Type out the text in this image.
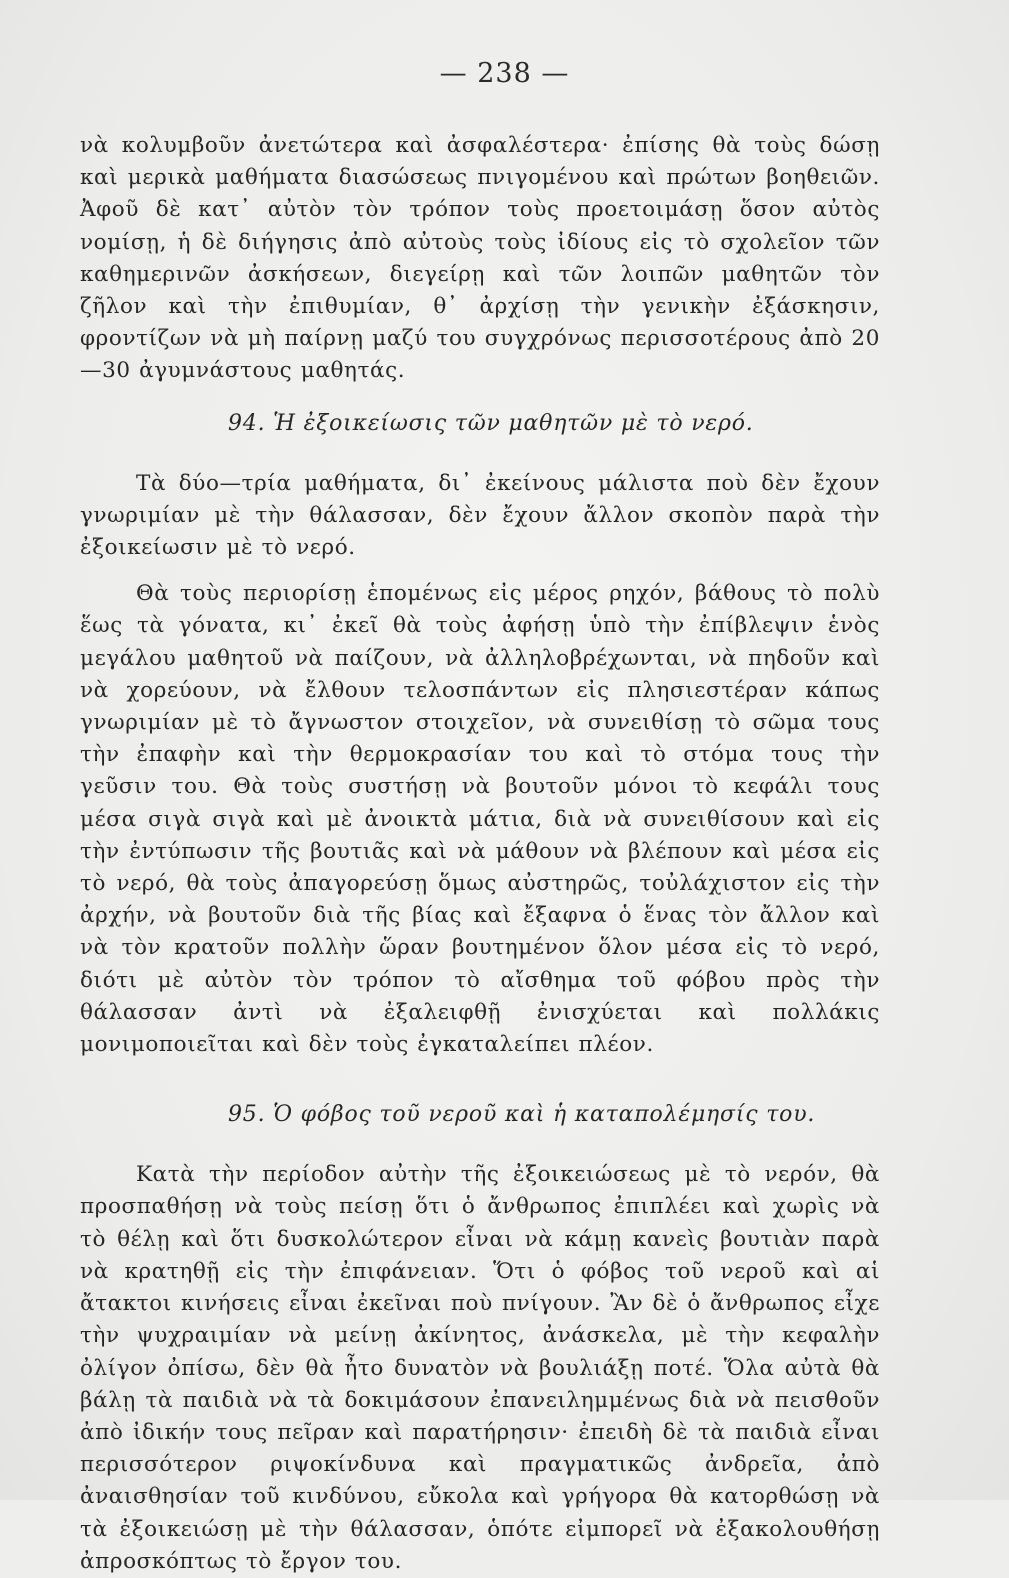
— 238 —

νὰ κολυμβοῦν ἀνετώτερα καὶ ἀσφαλέστερα· ἐπίσης θὰ τοὺς δώσῃ καὶ μερικὰ μαθήματα διασώσεως πνιγομένου καὶ πρώτων βοηθειῶν. Ἀφοῦ δὲ κατ᾽ αὐτὸν τὸν τρόπον τοὺς προετοιμάσῃ ὅσον αὐτὸς νομίσῃ, ἡ δὲ διήγησις ἀπὸ αὐτοὺς τοὺς ἰδίους εἰς τὸ σχολεῖον τῶν καθημερινῶν ἀσκήσεων, διεγείρῃ καὶ τῶν λοιπῶν μαθητῶν τὸν ζῆλον καὶ τὴν ἐπιθυμίαν, θ᾽ ἀρχίσῃ τὴν γενικὴν ἐξάσκησιν, φροντίζων νὰ μὴ παίρνῃ μαζύ του συγχρόνως περισσοτέρους ἀπὸ 20—30 ἀγυμνάστους μαθητάς.

94. Ἡ ἐξοικείωσις τῶν μαθητῶν μὲ τὸ νερό.

Τὰ δύο—τρία μαθήματα, δι᾽ ἐκείνους μάλιστα ποὺ δὲν ἔχουν γνωριμίαν μὲ τὴν θάλασσαν, δὲν ἔχουν ἄλλον σκοπὸν παρὰ τὴν ἐξοικείωσιν μὲ τὸ νερό.

Θὰ τοὺς περιορίσῃ ἑπομένως εἰς μέρος ρηχόν, βάθους τὸ πολὺ ἕως τὰ γόνατα, κι᾽ ἐκεῖ θὰ τοὺς ἀφήσῃ ὑπὸ τὴν ἐπίβλεψιν ἑνὸς μεγάλου μαθητοῦ νὰ παίζουν, νὰ ἀλληλοβρέχωνται, νὰ πηδοῦν καὶ νὰ χορεύουν, νὰ ἔλθουν τελοσπάντων εἰς πλησιεστέραν κάπως γνωριμίαν μὲ τὸ ἄγνωστον στοιχεῖον, νὰ συνειθίσῃ τὸ σῶμα τους τὴν ἐπαφὴν καὶ τὴν θερμοκρασίαν του καὶ τὸ στόμα τους τὴν γεῦσιν του. Θὰ τοὺς συστήσῃ νὰ βουτοῦν μόνοι τὸ κεφάλι τους μέσα σιγὰ σιγὰ καὶ μὲ ἀνοικτὰ μάτια, διὰ νὰ συνειθίσουν καὶ εἰς τὴν ἐντύπωσιν τῆς βουτιᾶς καὶ νὰ μάθουν νὰ βλέπουν καὶ μέσα εἰς τὸ νερό, θὰ τοὺς ἀπαγορεύσῃ ὅμως αὐστηρῶς, τοὐλάχιστον εἰς τὴν ἀρχήν, νὰ βουτοῦν διὰ τῆς βίας καὶ ἔξαφνα ὁ ἕνας τὸν ἄλλον καὶ νὰ τὸν κρατοῦν πολλὴν ὥραν βουτημένον ὅλον μέσα εἰς τὸ νερό, διότι μὲ αὐτὸν τὸν τρόπον τὸ αἴσθημα τοῦ φόβου πρὸς τὴν θάλασσαν ἀντὶ νὰ ἐξαλειφθῇ ἐνισχύεται καὶ πολλάκις μονιμοποιεῖται καὶ δὲν τοὺς ἐγκαταλείπει πλέον.

95. Ὁ φόβος τοῦ νεροῦ καὶ ἡ καταπολέμησίς του.

Κατὰ τὴν περίοδον αὐτὴν τῆς ἐξοικειώσεως μὲ τὸ νερόν, θὰ προσπαθήσῃ νὰ τοὺς πείσῃ ὅτι ὁ ἄνθρωπος ἐπιπλέει καὶ χωρὶς νὰ τὸ θέλῃ καὶ ὅτι δυσκολώτερον εἶναι νὰ κάμῃ κανεὶς βουτιὰν παρὰ νὰ κρατηθῇ εἰς τὴν ἐπιφάνειαν. Ὅτι ὁ φόβος τοῦ νεροῦ καὶ αἱ ἄτακτοι κινήσεις εἶναι ἐκεῖναι ποὺ πνίγουν. Ἂν δὲ ὁ ἄνθρωπος εἶχε τὴν ψυχραιμίαν νὰ μείνῃ ἀκίνητος, ἀνάσκελα, μὲ τὴν κεφαλὴν ὀλίγον ὀπίσω, δὲν θὰ ἦτο δυνατὸν νὰ βουλιάξῃ ποτέ. Ὅλα αὐτὰ θὰ βάλῃ τὰ παιδιὰ νὰ τὰ δοκιμάσουν ἐπανειλημμένως διὰ νὰ πεισθοῦν ἀπὸ ἰδικήν τους πεῖραν καὶ παρατήρησιν· ἐπειδὴ δὲ τὰ παιδιὰ εἶναι περισσότερον ριψοκίνδυνα καὶ πραγματικῶς ἀνδρεῖα, ἀπὸ ἀναισθησίαν τοῦ κινδύνου, εὔκολα καὶ γρήγορα θὰ κατορθώσῃ νὰ τὰ ἐξοικειώσῃ μὲ τὴν θάλασσαν, ὁπότε εἰμπορεῖ νὰ ἐξακολουθήσῃ ἀπροσκόπτως τὸ ἔργον του.
